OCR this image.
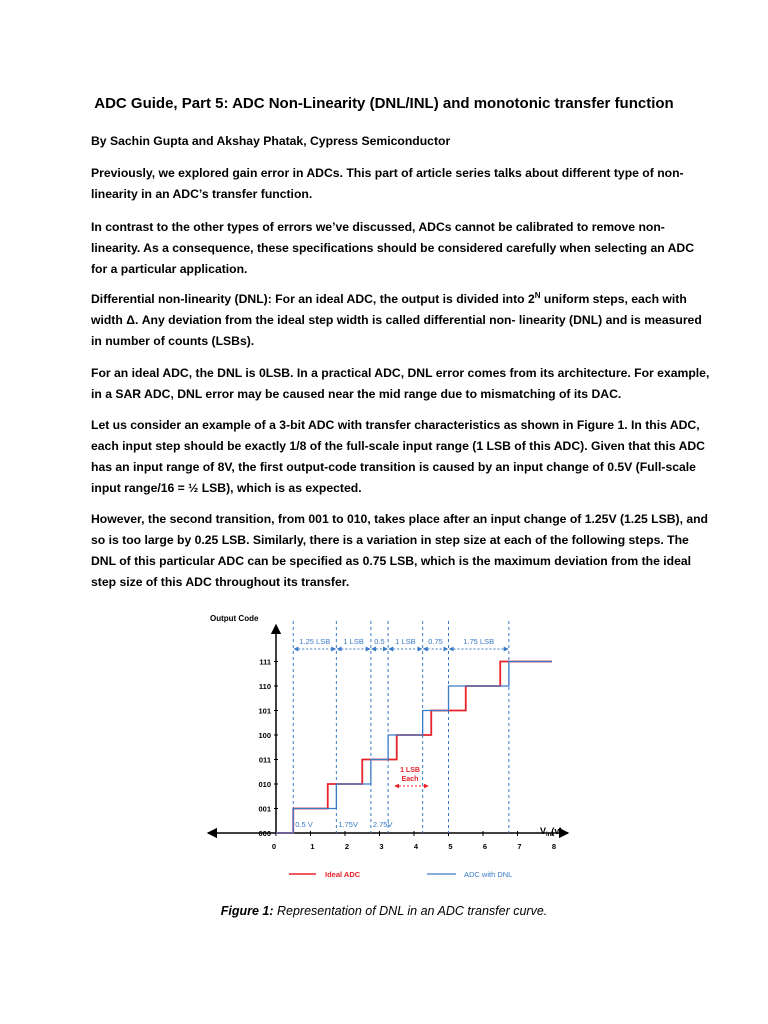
ADC Guide, Part 5: ADC Non-Linearity (DNL/INL) and monotonic transfer function

By Sachin Gupta and Akshay Phatak, Cypress Semiconductor

Previously, we explored gain error in ADCs. This part of article series talks about different type of non-linearity in an ADC’s transfer function.

In contrast to the other types of errors we’ve discussed, ADCs cannot be calibrated to remove non-linearity. As a consequence, these specifications should be considered carefully when selecting an ADC for a particular application.

Differential non-linearity (DNL): For an ideal ADC, the output is divided into $2^N$ uniform steps, each with width Δ. Any deviation from the ideal step width is called differential non- linearity (DNL) and is measured in number of counts (LSBs).

For an ideal ADC, the DNL is 0LSB. In a practical ADC, DNL error comes from its architecture. For example, in a SAR ADC, DNL error may be caused near the mid range due to mismatching of its DAC.

Let us consider an example of a 3-bit ADC with transfer characteristics as shown in Figure 1. In this ADC, each input step should be exactly 1/8 of the full-scale input range (1 LSB of this ADC). Given that this ADC has an input range of 8V, the first output-code transition is caused by an input change of 0.5V (Full-scale input range/16 = ½ LSB), which is as expected.

However, the second transition, from 001 to 010, takes place after an input change of 1.25V (1.25 LSB), and so is too large by 0.25 LSB. Similarly, there is a variation in step size at each of the following steps. The DNL of this particular ADC can be specified as 0.75 LSB, which is the maximum deviation from the ideal step size of this ADC throughout its transfer.

Output Code
$V_{in}(v)$
000
001
010
011
100
101
110
111
0	1	2	3	4	5	6	7	8
1.25 LSB 1 LSB 0.5 1 LSB 0.75	1.75 LSB
0.5 V	1.75V 2.75V
1 LSB
Each
Ideal ADC	ADC with DNL
Figure 1: Representation of DNL in an ADC transfer curve.
